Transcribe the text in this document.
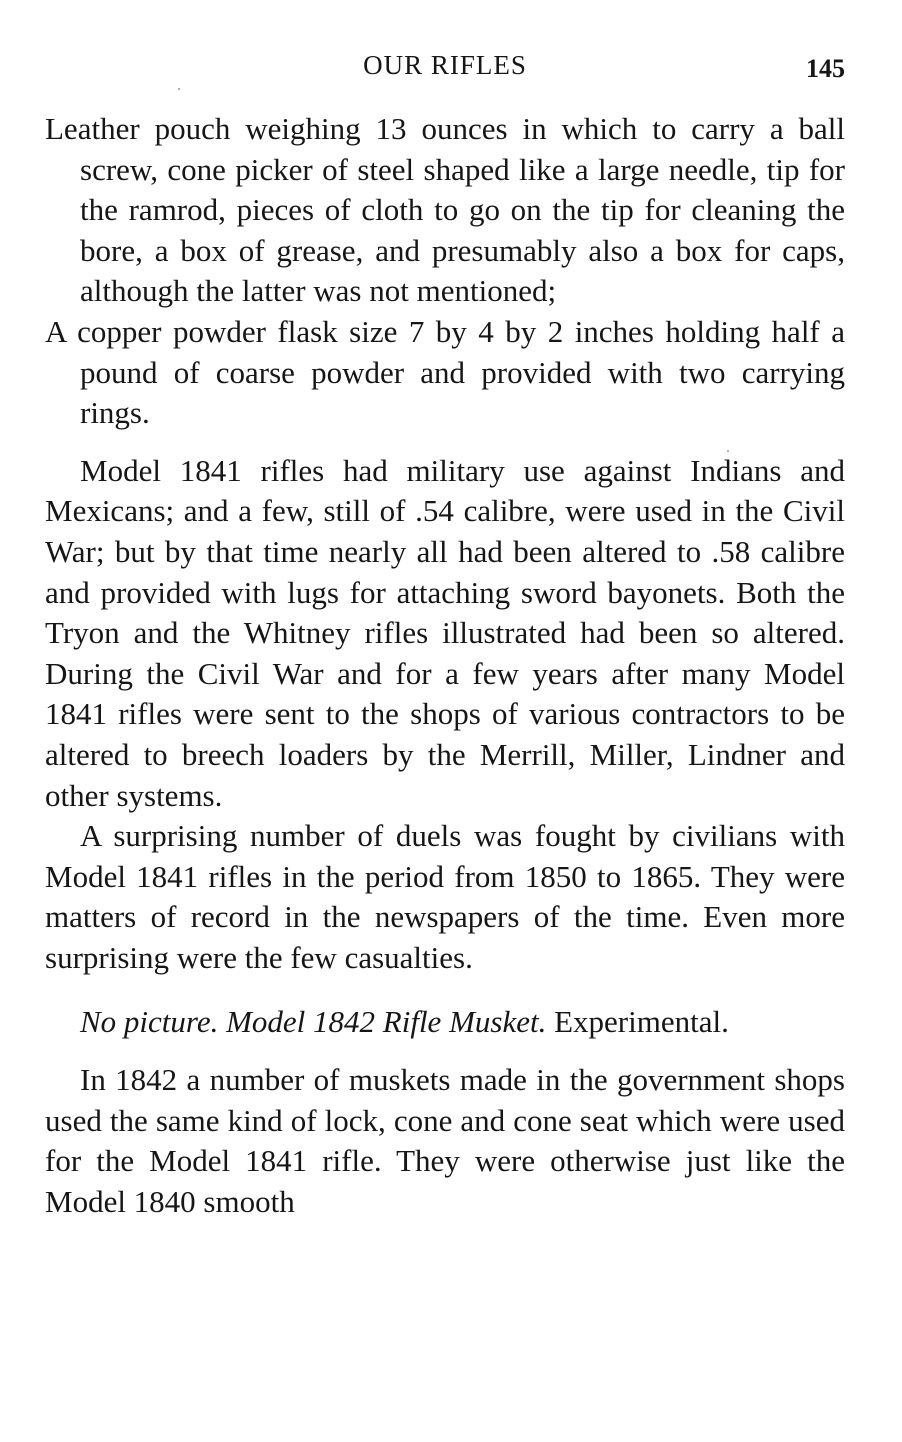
OUR RIFLES	145

Leather pouch weighing 13 ounces in which to carry a ball screw, cone picker of steel shaped like a large needle, tip for the ramrod, pieces of cloth to go on the tip for cleaning the bore, a box of grease, and presumably also a box for caps, although the latter was not mentioned;

A copper powder flask size 7 by 4 by 2 inches holding half a pound of coarse powder and provided with two carrying rings.

Model 1841 rifles had military use against Indians and Mexicans; and a few, still of .54 calibre, were used in the Civil War; but by that time nearly all had been altered to .58 calibre and provided with lugs for attaching sword bayonets. Both the Tryon and the Whitney rifles illustrated had been so altered. During the Civil War and for a few years after many Model 1841 rifles were sent to the shops of various contractors to be altered to breech loaders by the Merrill, Miller, Lindner and other systems.

A surprising number of duels was fought by civilians with Model 1841 rifles in the period from 1850 to 1865. They were matters of record in the newspapers of the time. Even more surprising were the few casualties.

No picture. Model 1842 Rifle Musket. Experimental.

In 1842 a number of muskets made in the government shops used the same kind of lock, cone and cone seat which were used for the Model 1841 rifle. They were otherwise just like the Model 1840 smooth
